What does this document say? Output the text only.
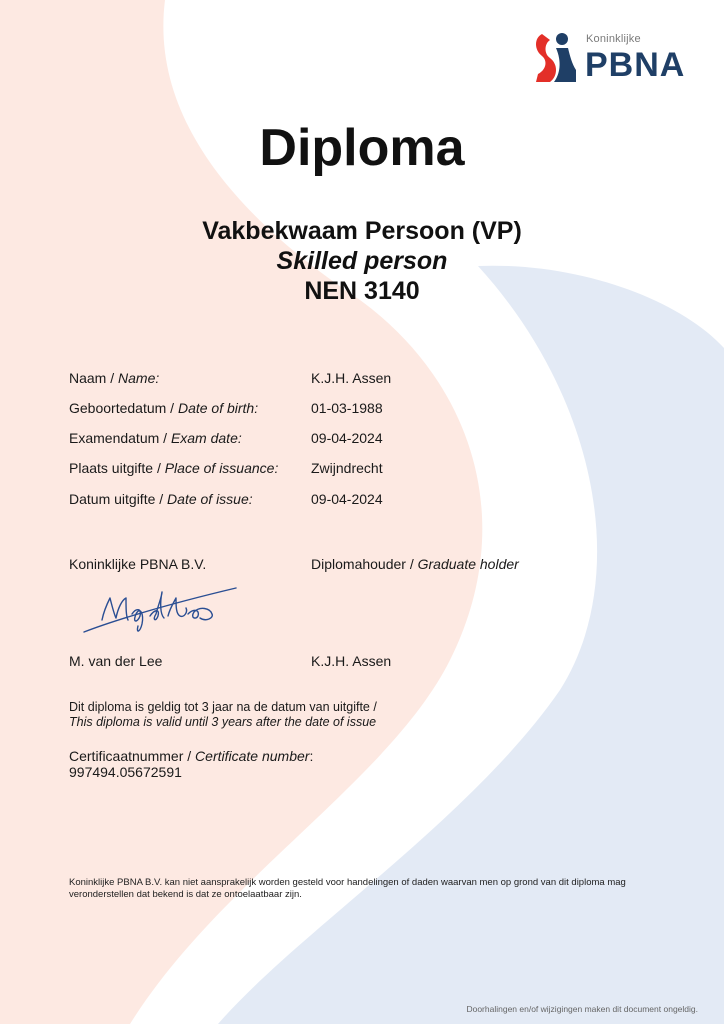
Koninklijke
PBNA
Diploma
Vakbekwaam Persoon (VP)
Skilled person
NEN 3140
Naam / Name:	K.J.H. Assen
Geboortedatum / Date of birth:	01-03-1988
Examendatum / Exam date:	09-04-2024
Plaats uitgifte / Place of issuance: Zwijndrecht
Datum uitgifte / Date of issue:	09-04-2024
Koninklijke PBNA B.V.	Diplomahouder / Graduate holder
M. van der Lee	K.J.H. Assen
Dit diploma is geldig tot 3 jaar na de datum van uitgifte /
This diploma is valid until 3 years after the date of issue
Certificaatnummer / Certificate number:
997494.05672591
Koninklijke PBNA B.V. kan niet aansprakelijk worden gesteld voor handelingen of daden waarvan men op grond van dit diploma mag veronderstellen dat bekend is dat ze ontoelaatbaar zijn.
Doorhalingen en/of wijzigingen maken dit document ongeldig.
